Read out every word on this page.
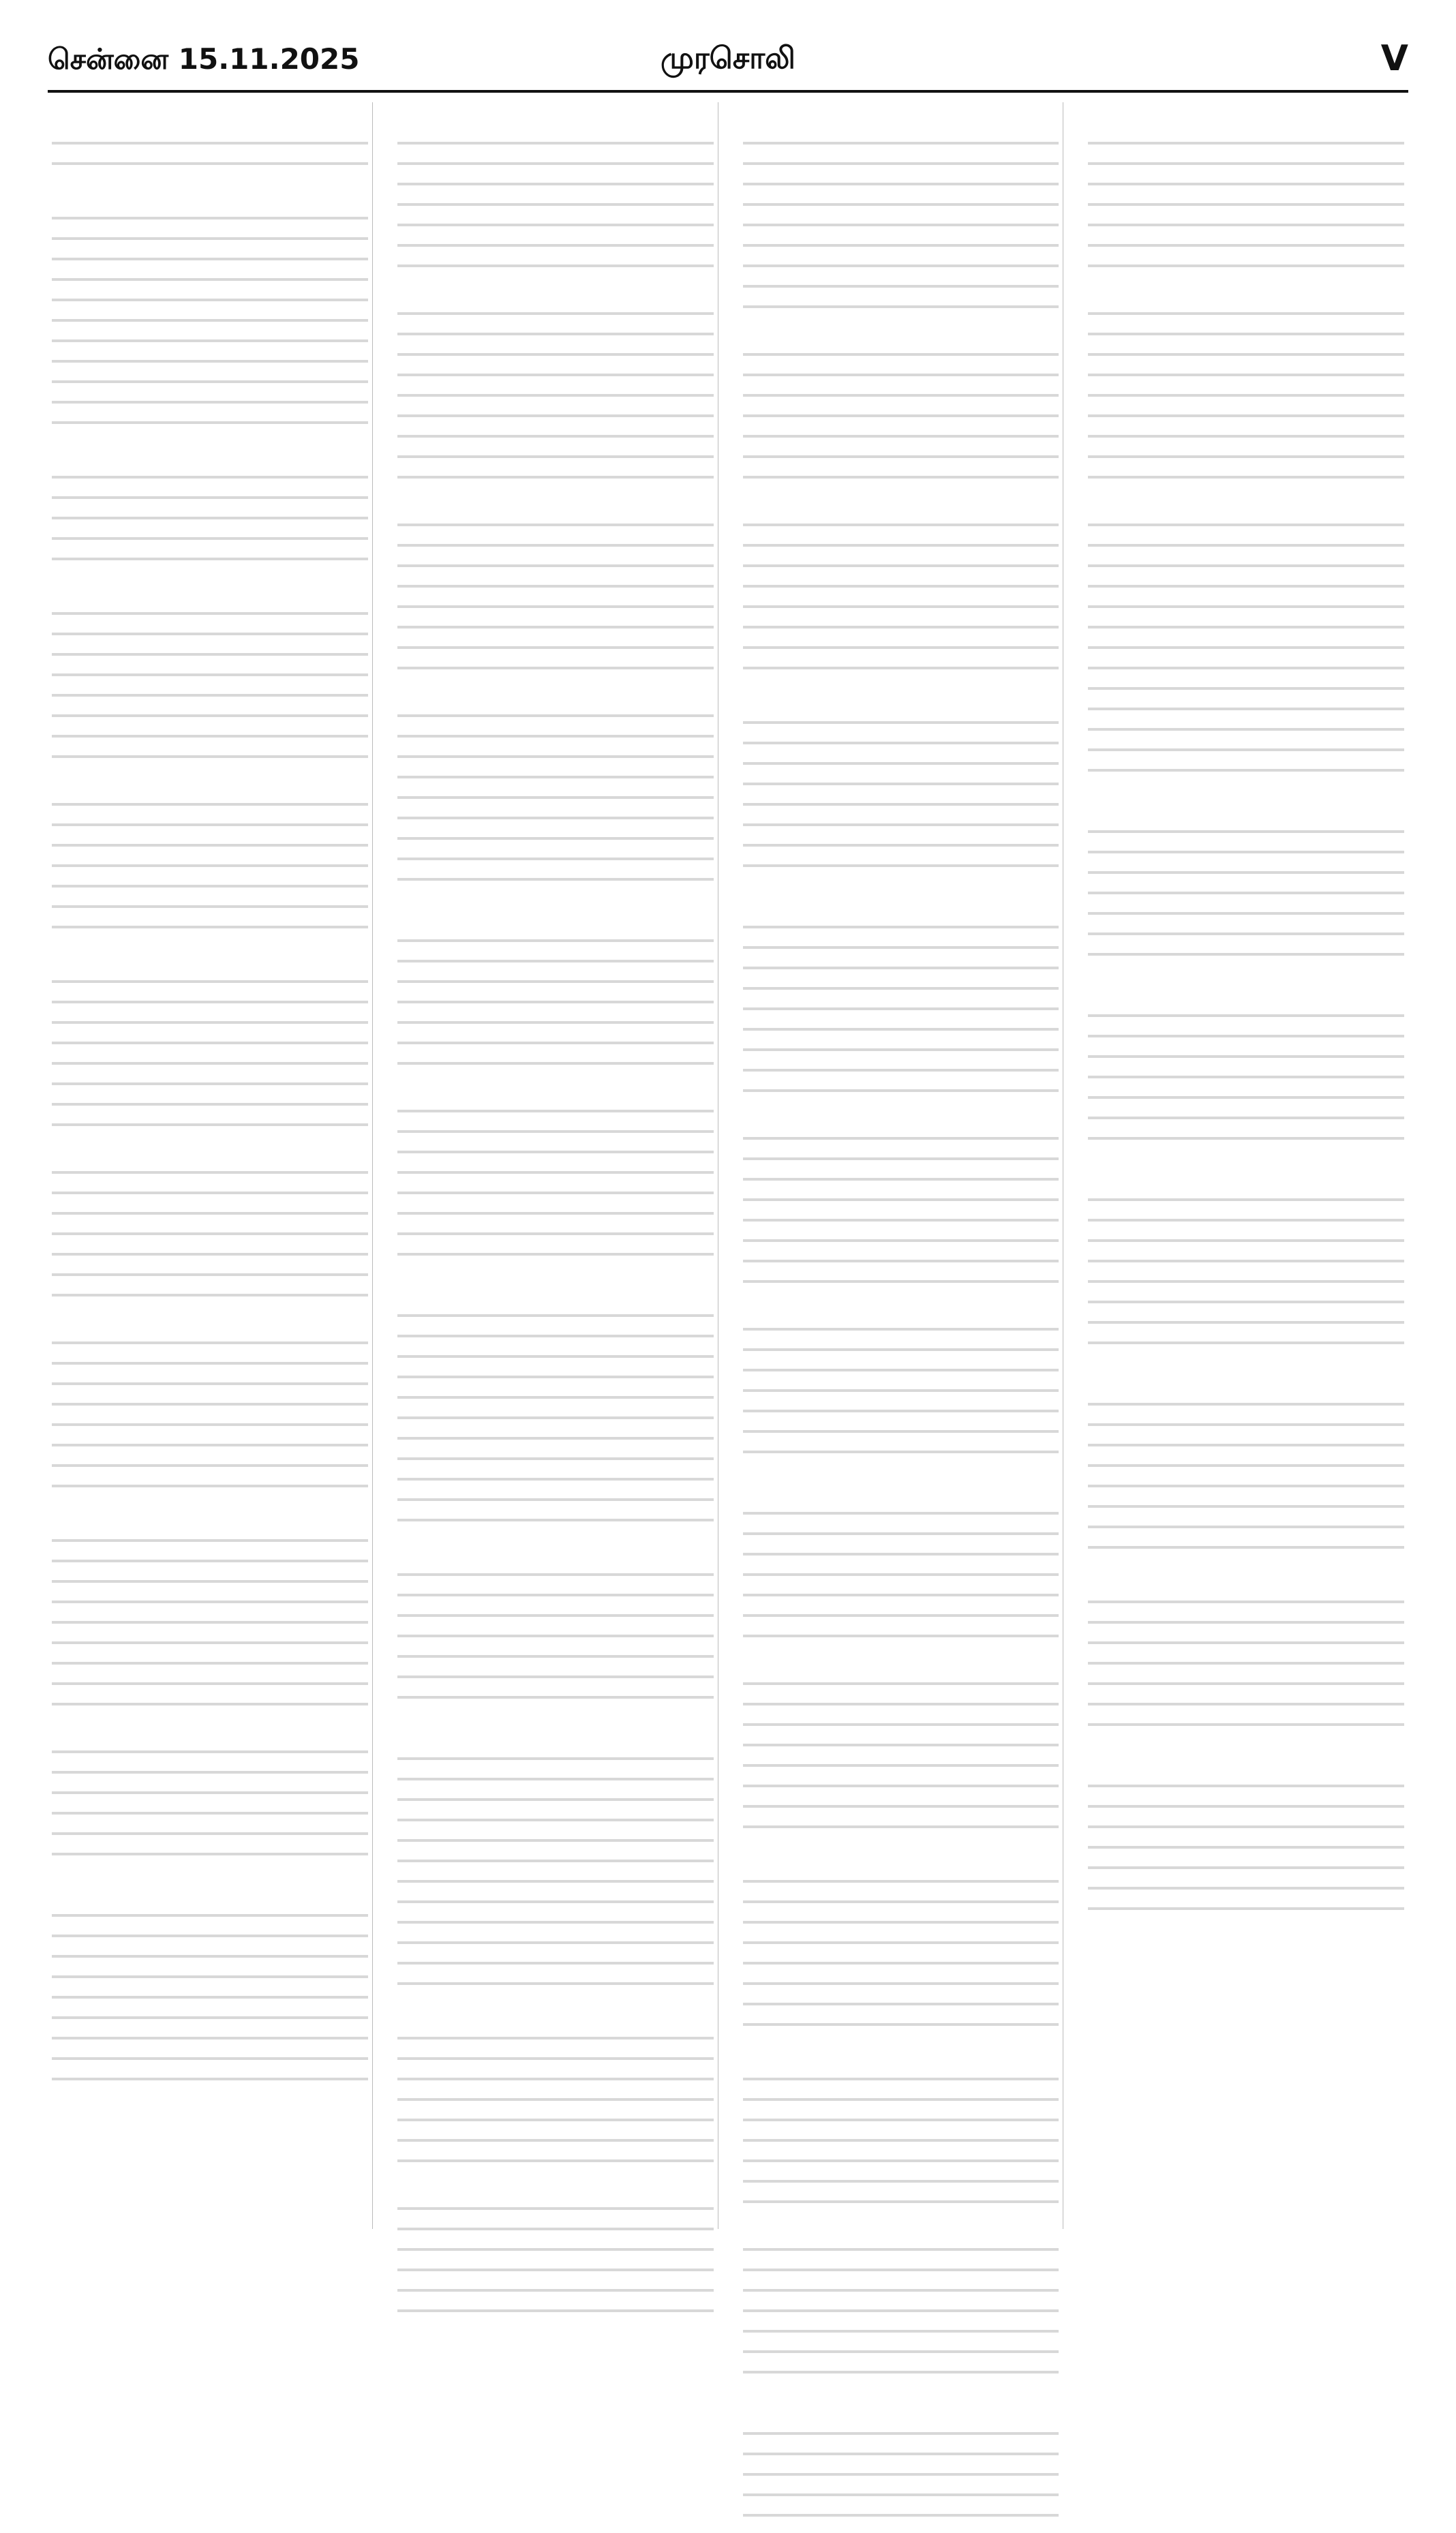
சென்னை 15.11.2025	முரசொலி	V
